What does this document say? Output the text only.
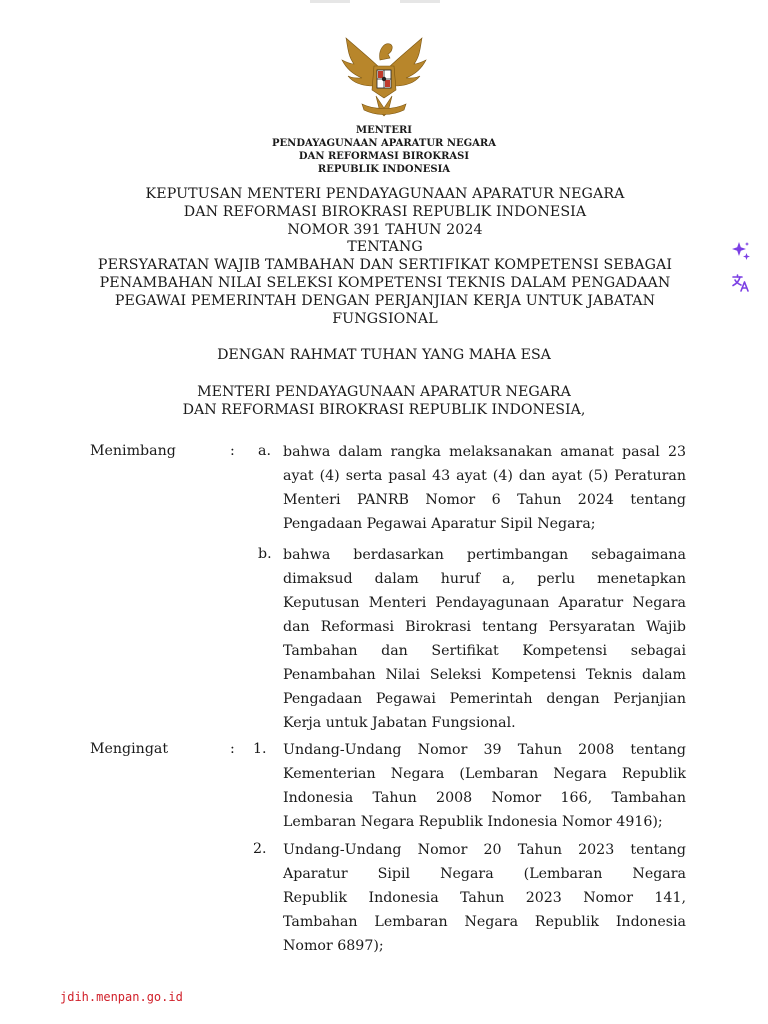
MENTERI
PENDAYAGUNAAN APARATUR NEGARA
DAN REFORMASI BIROKRASI
REPUBLIK INDONESIA
KEPUTUSAN MENTERI PENDAYAGUNAAN APARATUR NEGARA
DAN REFORMASI BIROKRASI REPUBLIK INDONESIA
NOMOR 391 TAHUN 2024
TENTANG
PERSYARATAN WAJIB TAMBAHAN DAN SERTIFIKAT KOMPETENSI SEBAGAI
PENAMBAHAN NILAI SELEKSI KOMPETENSI TEKNIS DALAM PENGADAAN
PEGAWAI PEMERINTAH DENGAN PERJANJIAN KERJA UNTUK JABATAN
FUNGSIONAL
DENGAN RAHMAT TUHAN YANG MAHA ESA
MENTERI PENDAYAGUNAAN APARATUR NEGARA
DAN REFORMASI BIROKRASI REPUBLIK INDONESIA,
Menimbang	: a. bahwa dalam rangka melaksanakan amanat pasal 23
ayat (4) serta pasal 43 ayat (4) dan ayat (5) Peraturan
Menteri PANRB Nomor 6 Tahun 2024 tentang
Pengadaan Pegawai Aparatur Sipil Negara;
b. bahwa berdasarkan pertimbangan sebagaimana
dimaksud dalam huruf a, perlu menetapkan
Keputusan Menteri Pendayagunaan Aparatur Negara
dan Reformasi Birokrasi tentang Persyaratan Wajib
Tambahan dan Sertifikat Kompetensi sebagai
Penambahan Nilai Seleksi Kompetensi Teknis dalam
Pengadaan Pegawai Pemerintah dengan Perjanjian
Kerja untuk Jabatan Fungsional.
Mengingat	: 1. Undang-Undang Nomor 39 Tahun 2008 tentang
Kementerian Negara (Lembaran Negara Republik
Indonesia Tahun 2008 Nomor 166, Tambahan
Lembaran Negara Republik Indonesia Nomor 4916);
2. Undang-Undang Nomor 20 Tahun 2023 tentang
Aparatur Sipil Negara (Lembaran Negara
Republik Indonesia Tahun 2023 Nomor 141,
Tambahan Lembaran Negara Republik Indonesia
Nomor 6897);
jdih.menpan.go.id
